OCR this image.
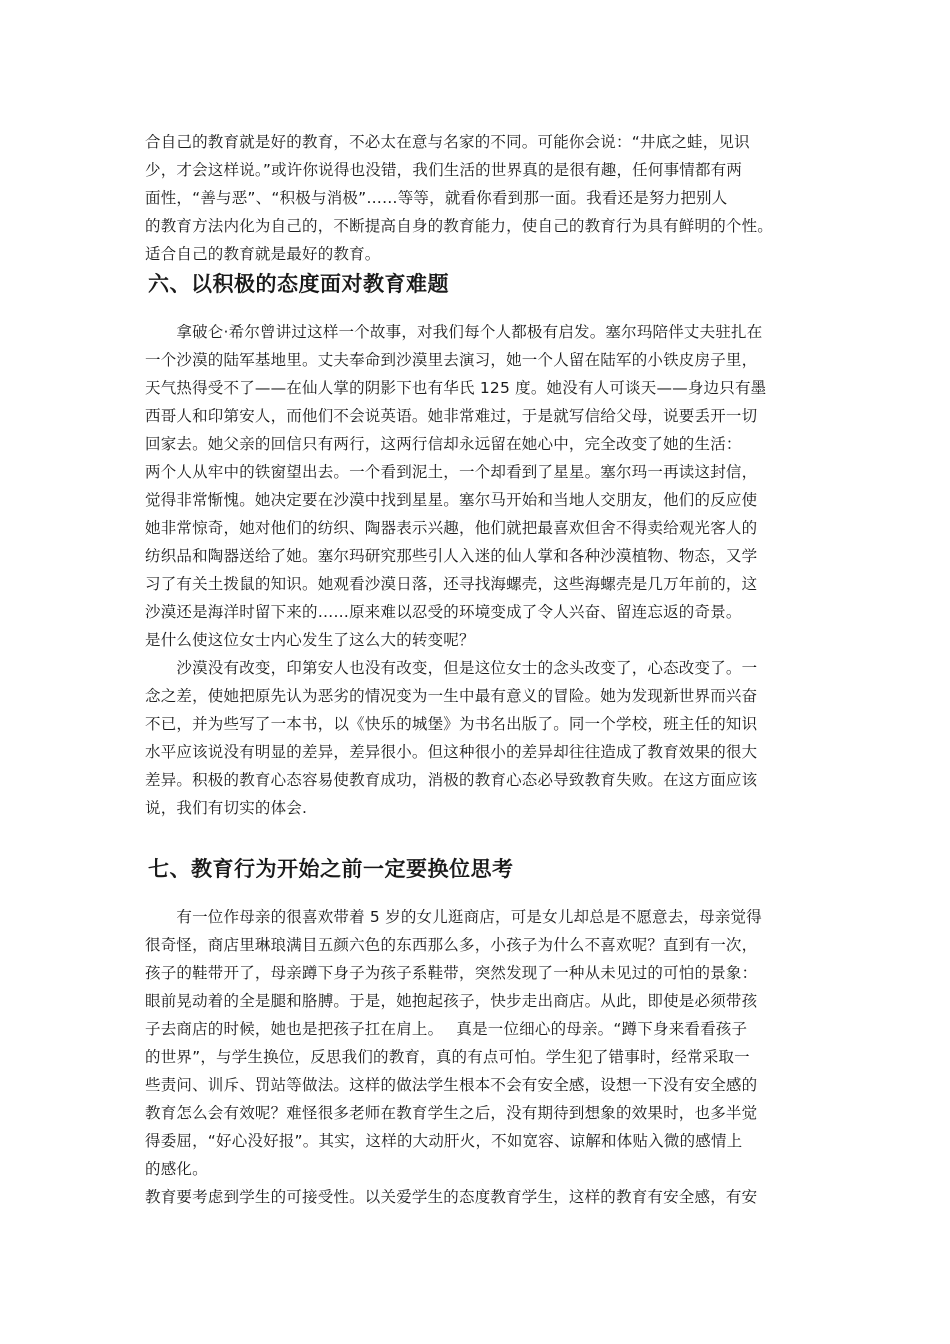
合自己的教育就是好的教育，不必太在意与名家的不同。可能你会说：“井底之蛙，见识

少，才会这样说。”或许你说得也没错，我们生活的世界真的是很有趣，任何事情都有两

面性，“善与恶”、“积极与消极”……等等，就看你看到那一面。我看还是努力把别人

的教育方法内化为自己的，不断提高自身的教育能力，使自己的教育行为具有鲜明的个性。

适合自己的教育就是最好的教育。

六、以积极的态度面对教育难题

　　拿破仑·希尔曾讲过这样一个故事，对我们每个人都极有启发。塞尔玛陪伴丈夫驻扎在

一个沙漠的陆军基地里。丈夫奉命到沙漠里去演习，她一个人留在陆军的小铁皮房子里，

天气热得受不了——在仙人掌的阴影下也有华氏 125 度。她没有人可谈天——身边只有墨

西哥人和印第安人，而他们不会说英语。她非常难过，于是就写信给父母，说要丢开一切

回家去。她父亲的回信只有两行，这两行信却永远留在她心中，完全改变了她的生活：

两个人从牢中的铁窗望出去。一个看到泥土，一个却看到了星星。塞尔玛一再读这封信，

觉得非常惭愧。她决定要在沙漠中找到星星。塞尔马开始和当地人交朋友，他们的反应使

她非常惊奇，她对他们的纺织、陶器表示兴趣，他们就把最喜欢但舍不得卖给观光客人的

纺织品和陶器送给了她。塞尔玛研究那些引人入迷的仙人掌和各种沙漠植物、物态，又学

习了有关土拨鼠的知识。她观看沙漠日落，还寻找海螺壳，这些海螺壳是几万年前的，这

沙漠还是海洋时留下来的……原来难以忍受的环境变成了令人兴奋、留连忘返的奇景。

是什么使这位女士内心发生了这么大的转变呢？

　　沙漠没有改变，印第安人也没有改变，但是这位女士的念头改变了，心态改变了。一

念之差，使她把原先认为恶劣的情况变为一生中最有意义的冒险。她为发现新世界而兴奋

不已，并为些写了一本书，以《快乐的城堡》为书名出版了。同一个学校，班主任的知识

水平应该说没有明显的差异，差异很小。但这种很小的差异却往往造成了教育效果的很大

差异。积极的教育心态容易使教育成功，消极的教育心态必导致教育失败。在这方面应该

说，我们有切实的体会.

七、教育行为开始之前一定要换位思考

　　有一位作母亲的很喜欢带着 5 岁的女儿逛商店，可是女儿却总是不愿意去，母亲觉得

很奇怪，商店里琳琅满目五颜六色的东西那么多，小孩子为什么不喜欢呢？直到有一次，

孩子的鞋带开了，母亲蹲下身子为孩子系鞋带，突然发现了一种从未见过的可怕的景象：

眼前晃动着的全是腿和胳膊。于是，她抱起孩子，快步走出商店。从此，即使是必须带孩

子去商店的时候，她也是把孩子扛在肩上。　 真是一位细心的母亲。“蹲下身来看看孩子

的世界”，与学生换位，反思我们的教育，真的有点可怕。学生犯了错事时，经常采取一

些责问、训斥、罚站等做法。这样的做法学生根本不会有安全感，设想一下没有安全感的

教育怎么会有效呢？难怪很多老师在教育学生之后，没有期待到想象的效果时，也多半觉

得委屈，“好心没好报”。其实，这样的大动肝火，不如宽容、谅解和体贴入微的感情上

的感化。

教育要考虑到学生的可接受性。以关爱学生的态度教育学生，这样的教育有安全感，有安
